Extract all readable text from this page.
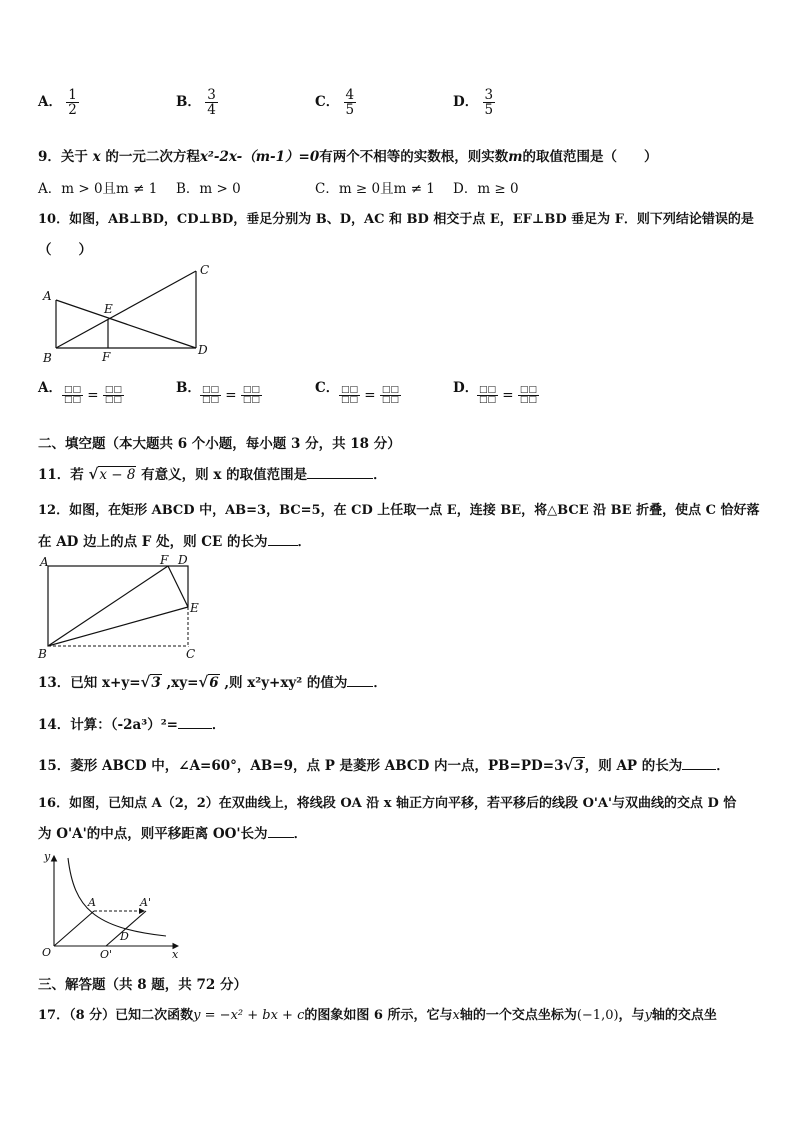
A． $\frac{1}{2}$	B． $\frac{3}{4}$	C． $\frac{4}{5}$	D． $\frac{3}{5}$
9．关于 x 的一元二次方程x²-2x-（m-1）=0有两个不相等的实数根，则实数m的取值范围是（　　）
A．m > 0且m ≠ 1 B．m > 0	C．m ≥ 0且m ≠ 1 D．m ≥ 0
10．如图，AB⊥BD，CD⊥BD，垂足分别为 B、D，AC 和 BD 相交于点 E，EF⊥BD 垂足为 F．则下列结论错误的是
（　　）
A
B
C
D
E
F
A． $\frac{□□}{□□} = \frac{□□}{□□}$	B． $\frac{□□}{□□} = \frac{□□}{□□}$	C． $\frac{□□}{□□} = \frac{□□}{□□}$	D．
$\frac{□□}{□□} = \frac{□□}{□□}$
二、填空题（本大题共 6 个小题，每小题 3 分，共 18 分）
11．若 √x − 8 有意义，则 x 的取值范围是	．
12．如图，在矩形 ABCD 中，AB=3，BC=5，在 CD 上任取一点 E，连接 BE，将△BCE 沿 BE 折叠，使点 C 恰好落
在 AD 边上的点 F 处，则 CE 的长为 ．
A
B	C
D
E
F
13．已知 x+y=√3 ,xy=√6 ,则 x²y+xy² 的值为 ．
14．计算：（-2a³）²=	．
15．菱形 ABCD 中，∠A=60°，AB=9，点 P 是菱形 ABCD 内一点，PB=PD=3√3，则 AP 的长为	．
16．如图，已知点 A（2，2）在双曲线上，将线段 OA 沿 x 轴正方向平移，若平移后的线段 O'A'与双曲线的交点 D 恰
为 O'A'的中点，则平移距离 OO'长为 ．
y
x
O	O'
A	A'
D
三、解答题（共 8 题，共 72 分）
17．（8 分）已知二次函数y = −x² + bx + c的图象如图 6 所示，它与x轴的一个交点坐标为(−1,0)，与y轴的交点坐
